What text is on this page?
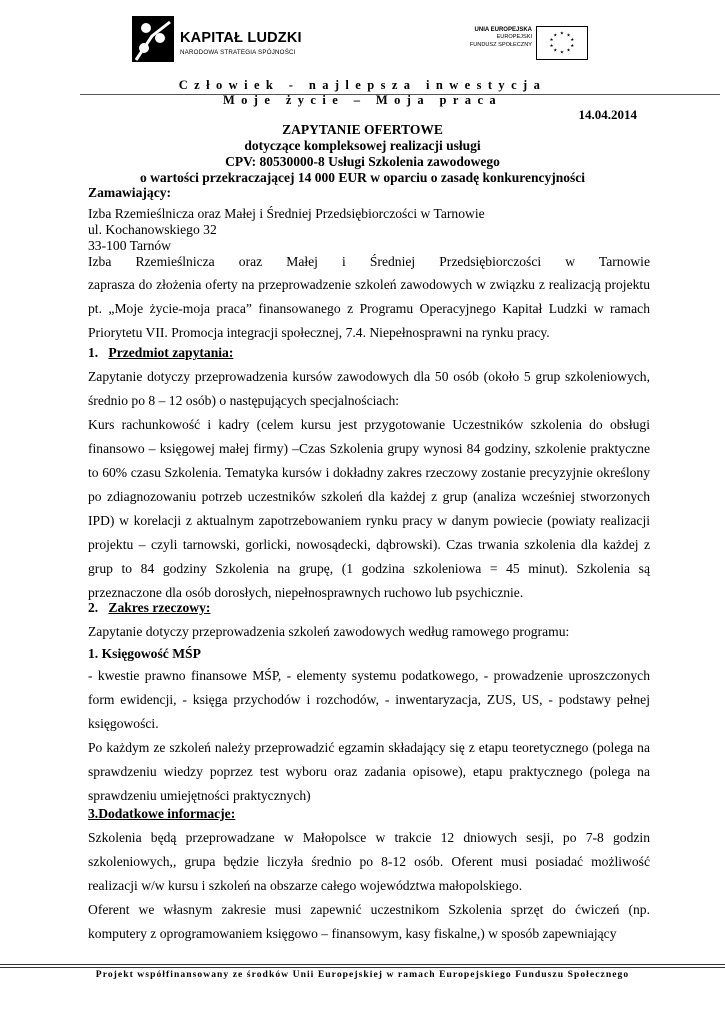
KAPITAŁ LUDZKI
NARODOWA STRATEGIA SPÓJNOŚCI
UNIA EUROPEJSKA
EUROPEJSKI
FUNDUSZ SPOŁECZNY
★ ★
★
★
★
★
★
★
★
★
Człowiek - najlepsza inwestycja
Moje życie – Moja praca
14.04.2014
ZAPYTANIE OFERTOWE
dotyczące kompleksowej realizacji usługi
CPV: 80530000-8 Usługi Szkolenia zawodowego
o wartości przekraczającej 14 000 EUR w oparciu o zasadę konkurencyjności
Zamawiający:
Izba Rzemieślnicza oraz Małej i Średniej Przedsiębiorczości w Tarnowie
ul. Kochanowskiego 32
33-100 Tarnów
Izba Rzemieślnicza oraz Małej i Średniej Przedsiębiorczości w Tarnowie
zaprasza do złożenia oferty na przeprowadzenie szkoleń zawodowych w związku z realizacją projektu pt. „Moje życie-moja praca” finansowanego z Programu Operacyjnego Kapitał Ludzki w ramach Priorytetu VII. Promocja integracji społecznej, 7.4. Niepełnosprawni na rynku pracy.
1. Przedmiot zapytania:
Zapytanie dotyczy przeprowadzenia kursów zawodowych dla 50 osób (około 5 grup szkoleniowych, średnio po 8 – 12 osób) o następujących specjalnościach:
Kurs rachunkowość i kadry (celem kursu jest przygotowanie Uczestników szkolenia do obsługi finansowo – księgowej małej firmy) –Czas Szkolenia grupy wynosi 84 godziny, szkolenie praktyczne to 60% czasu Szkolenia. Tematyka kursów i dokładny zakres rzeczowy zostanie precyzyjnie określony po zdiagnozowaniu potrzeb uczestników szkoleń dla każdej z grup (analiza wcześniej stworzonych IPD) w korelacji z aktualnym zapotrzebowaniem rynku pracy w danym powiecie (powiaty realizacji projektu – czyli tarnowski, gorlicki, nowosądecki, dąbrowski). Czas trwania szkolenia dla każdej z grup to 84 godziny Szkolenia na grupę, (1 godzina szkoleniowa = 45 minut). Szkolenia są przeznaczone dla osób dorosłych, niepełnosprawnych ruchowo lub psychicznie.
2. Zakres rzeczowy:
Zapytanie dotyczy przeprowadzenia szkoleń zawodowych według ramowego programu:
1. Księgowość MŚP
- kwestie prawno finansowe MŚP, - elementy systemu podatkowego, - prowadzenie uproszczonych form ewidencji, - księga przychodów i rozchodów, - inwentaryzacja, ZUS, US, - podstawy pełnej księgowości.
Po każdym ze szkoleń należy przeprowadzić egzamin składający się z etapu teoretycznego (polega na sprawdzeniu wiedzy poprzez test wyboru oraz zadania opisowe), etapu praktycznego (polega na sprawdzeniu umiejętności praktycznych)
3.Dodatkowe informacje:
Szkolenia będą przeprowadzane w Małopolsce w trakcie 12 dniowych sesji, po 7-8 godzin szkoleniowych,, grupa będzie liczyła średnio po 8-12 osób. Oferent musi posiadać możliwość realizacji w/w kursu i szkoleń na obszarze całego województwa małopolskiego.
Oferent we własnym zakresie musi zapewnić uczestnikom Szkolenia sprzęt do ćwiczeń (np. komputery z oprogramowaniem księgowo – finansowym, kasy fiskalne,) w sposób zapewniający
Projekt współfinansowany ze środków Unii Europejskiej w ramach Europejskiego Funduszu Społecznego
